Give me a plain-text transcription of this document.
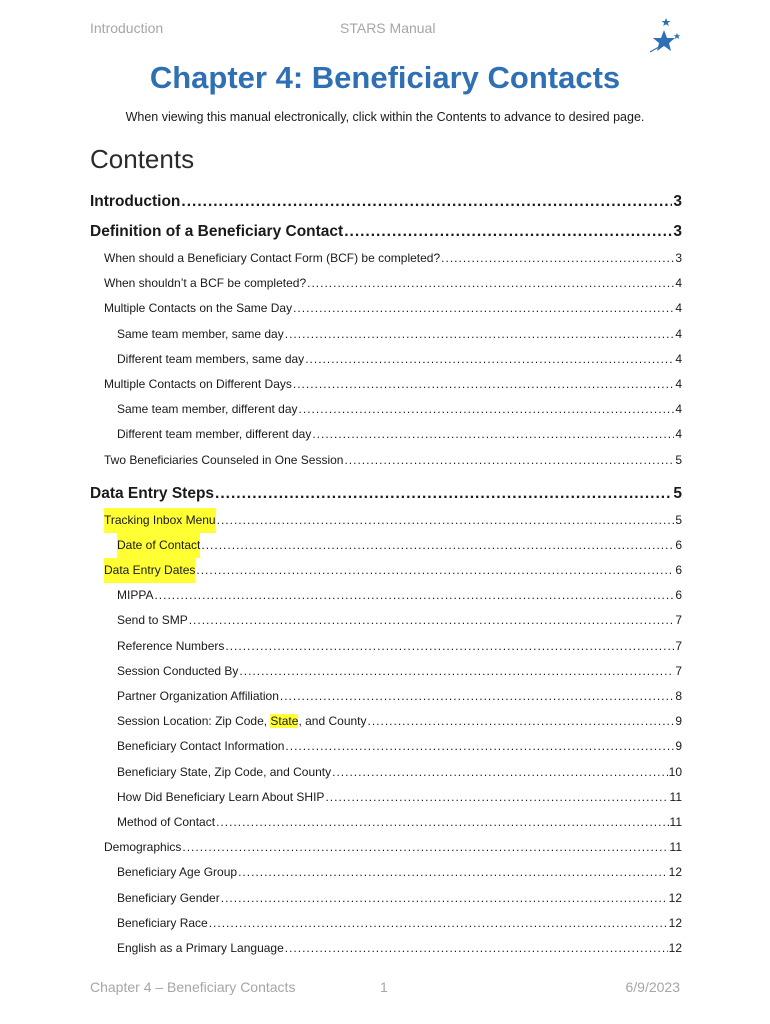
Introduction	STARS Manual
Chapter 4: Beneficiary Contacts
When viewing this manual electronically, click within the Contents to advance to desired page.
Contents
Introduction .....	3
Definition of a Beneficiary Contact .....	3
When should a Beneficiary Contact Form (BCF) be completed? .....	3
When shouldn’t a BCF be completed? .....	4
Multiple Contacts on the Same Day .....	4
Same team member, same day .....	4
Different team members, same day .....	4
Multiple Contacts on Different Days .....	4
Same team member, different day .....	4
Different team member, different day .....	4
Two Beneficiaries Counseled in One Session .....	5
Data Entry Steps .....	5
Tracking Inbox Menu .....	5
Date of Contact .....	6
Data Entry Dates .....	6
MIPPA .....	6
Send to SMP .....	7
Reference Numbers .....	7
Session Conducted By .....	7
Partner Organization Affiliation .....	8
Session Location: Zip Code, State, and County .....	9
Beneficiary Contact Information .....	9
Beneficiary State, Zip Code, and County .....	10
How Did Beneficiary Learn About SHIP .....	11
Method of Contact .....	11
Demographics .....	11
Beneficiary Age Group .....	12
Beneficiary Gender .....	12
Beneficiary Race .....	12
English as a Primary Language .....	12
Chapter 4 – Beneficiary Contacts	1	6/9/2023
